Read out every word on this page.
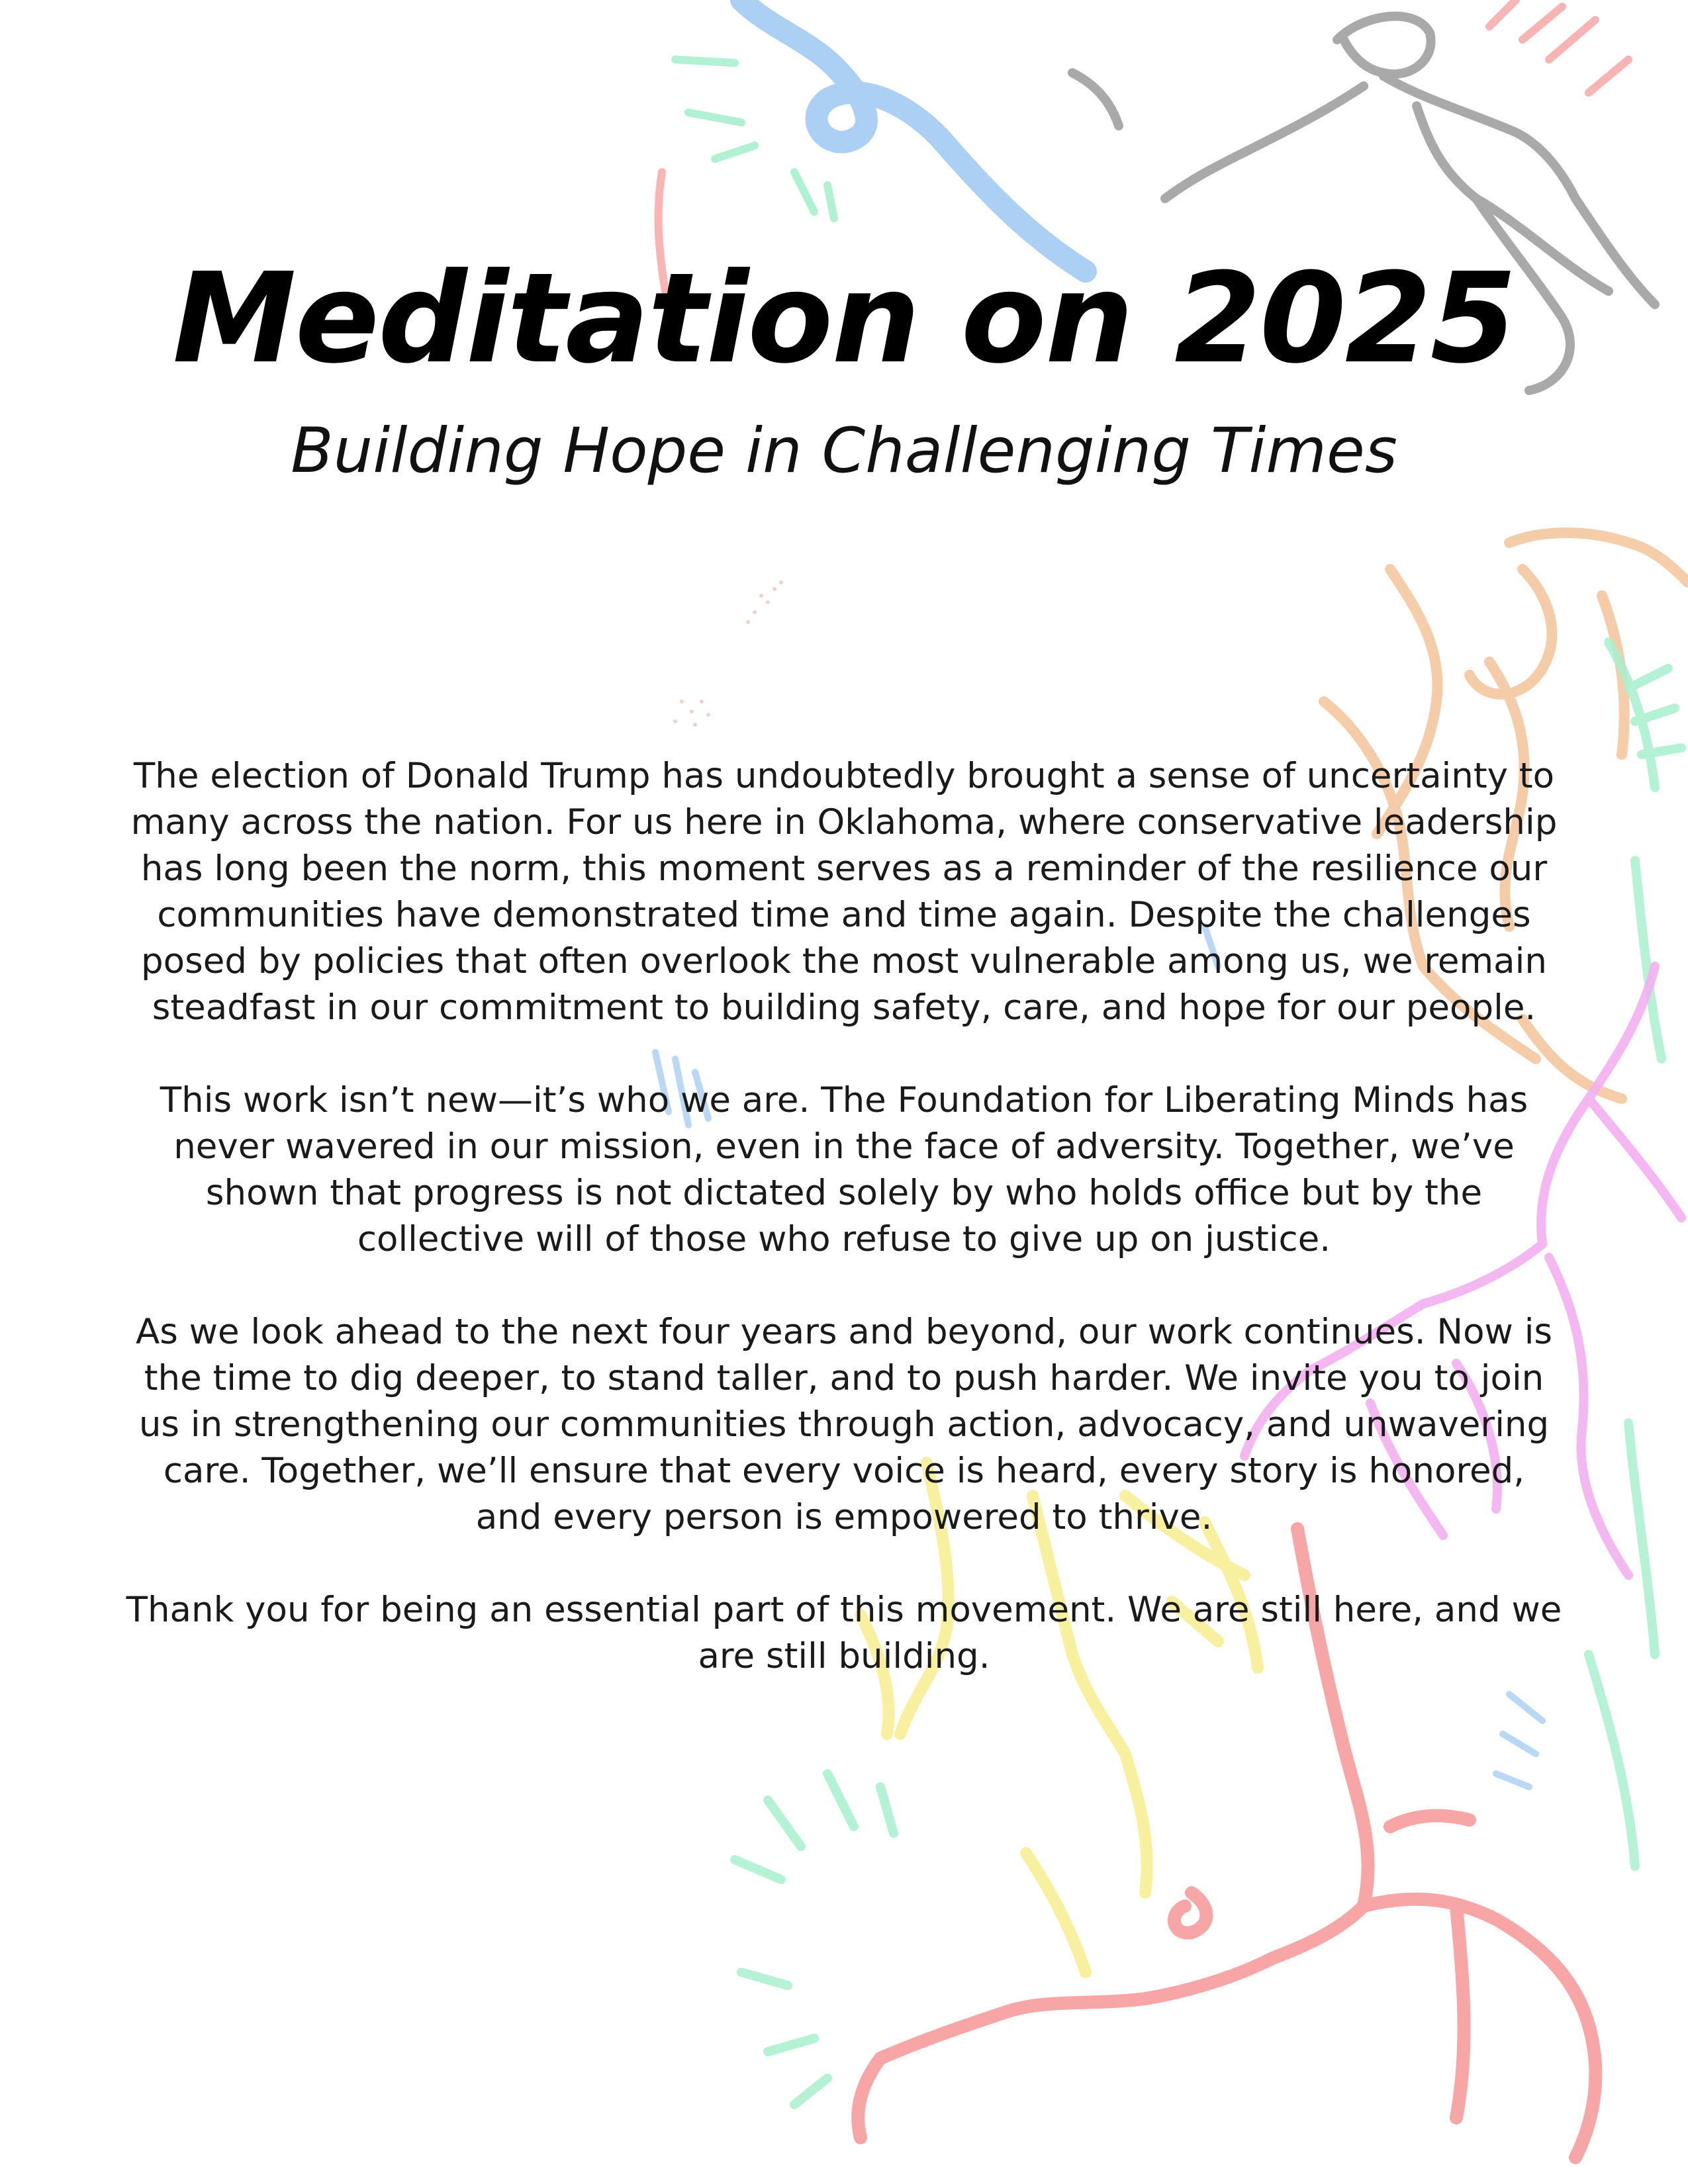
Meditation on 2025
Building Hope in Challenging Times

The election of Donald Trump has undoubtedly brought a sense of uncertainty to many across the nation. For us here in Oklahoma, where conservative leadership has long been the norm, this moment serves as a reminder of the resilience our communities have demonstrated time and time again. Despite the challenges posed by policies that often overlook the most vulnerable among us, we remain steadfast in our commitment to building safety, care, and hope for our people.

This work isn’t new—it’s who we are. The Foundation for Liberating Minds has never wavered in our mission, even in the face of adversity. Together, we’ve shown that progress is not dictated solely by who holds office but by the collective will of those who refuse to give up on justice.

As we look ahead to the next four years and beyond, our work continues. Now is the time to dig deeper, to stand taller, and to push harder. We invite you to join us in strengthening our communities through action, advocacy, and unwavering care. Together, we’ll ensure that every voice is heard, every story is honored, and every person is empowered to thrive.

Thank you for being an essential part of this movement. We are still here, and we are still building.
